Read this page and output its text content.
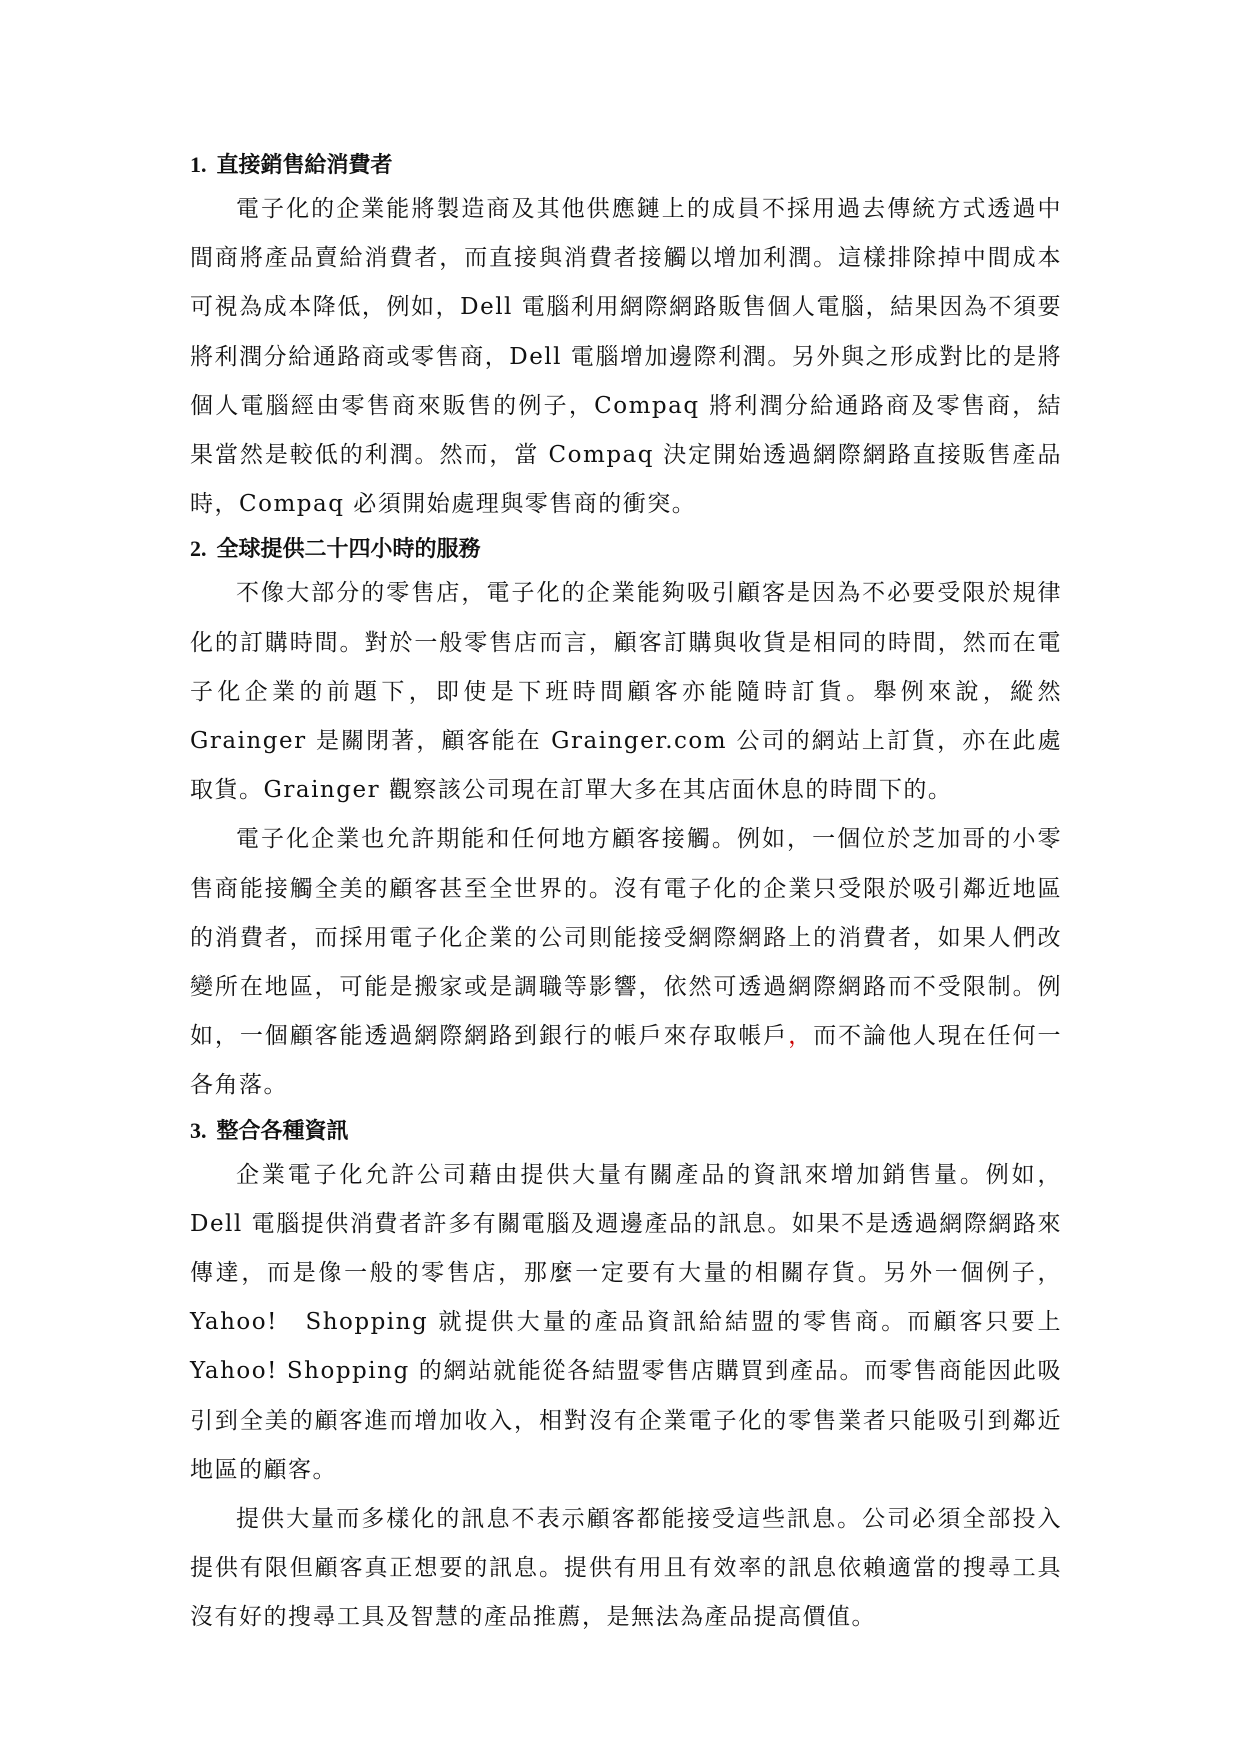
1. 直接銷售給消費者

電子化的企業能將製造商及其他供應鏈上的成員不採用過去傳統方式透過中間商將產品賣給消費者，而直接與消費者接觸以增加利潤。這樣排除掉中間成本可視為成本降低，例如，Dell 電腦利用網際網路販售個人電腦，結果因為不須要將利潤分給通路商或零售商，Dell 電腦增加邊際利潤。另外與之形成對比的是將個人電腦經由零售商來販售的例子，Compaq 將利潤分給通路商及零售商，結果當然是較低的利潤。然而，當 Compaq 決定開始透過網際網路直接販售產品時，Compaq 必須開始處理與零售商的衝突。

2. 全球提供二十四小時的服務

不像大部分的零售店，電子化的企業能夠吸引顧客是因為不必要受限於規律化的訂購時間。對於一般零售店而言，顧客訂購與收貨是相同的時間，然而在電子化企業的前題下，即使是下班時間顧客亦能隨時訂貨。舉例來說，縱然 Grainger 是關閉著，顧客能在 Grainger.com 公司的網站上訂貨，亦在此處取貨。Grainger 觀察該公司現在訂單大多在其店面休息的時間下的。

電子化企業也允許期能和任何地方顧客接觸。例如，一個位於芝加哥的小零售商能接觸全美的顧客甚至全世界的。沒有電子化的企業只受限於吸引鄰近地區的消費者，而採用電子化企業的公司則能接受網際網路上的消費者，如果人們改變所在地區，可能是搬家或是調職等影響，依然可透過網際網路而不受限制。例如，一個顧客能透過網際網路到銀行的帳戶來存取帳戶，而不論他人現在任何一各角落。

3. 整合各種資訊

企業電子化允許公司藉由提供大量有關產品的資訊來增加銷售量。例如，Dell 電腦提供消費者許多有關電腦及週邊產品的訊息。如果不是透過網際網路來傳達，而是像一般的零售店，那麼一定要有大量的相關存貨。另外一個例子，Yahoo!　Shopping 就提供大量的產品資訊給結盟的零售商。而顧客只要上 Yahoo! Shopping 的網站就能從各結盟零售店購買到產品。而零售商能因此吸引到全美的顧客進而增加收入，相對沒有企業電子化的零售業者只能吸引到鄰近地區的顧客。

提供大量而多樣化的訊息不表示顧客都能接受這些訊息。公司必須全部投入提供有限但顧客真正想要的訊息。提供有用且有效率的訊息依賴適當的搜尋工具沒有好的搜尋工具及智慧的產品推薦，是無法為產品提高價值。
